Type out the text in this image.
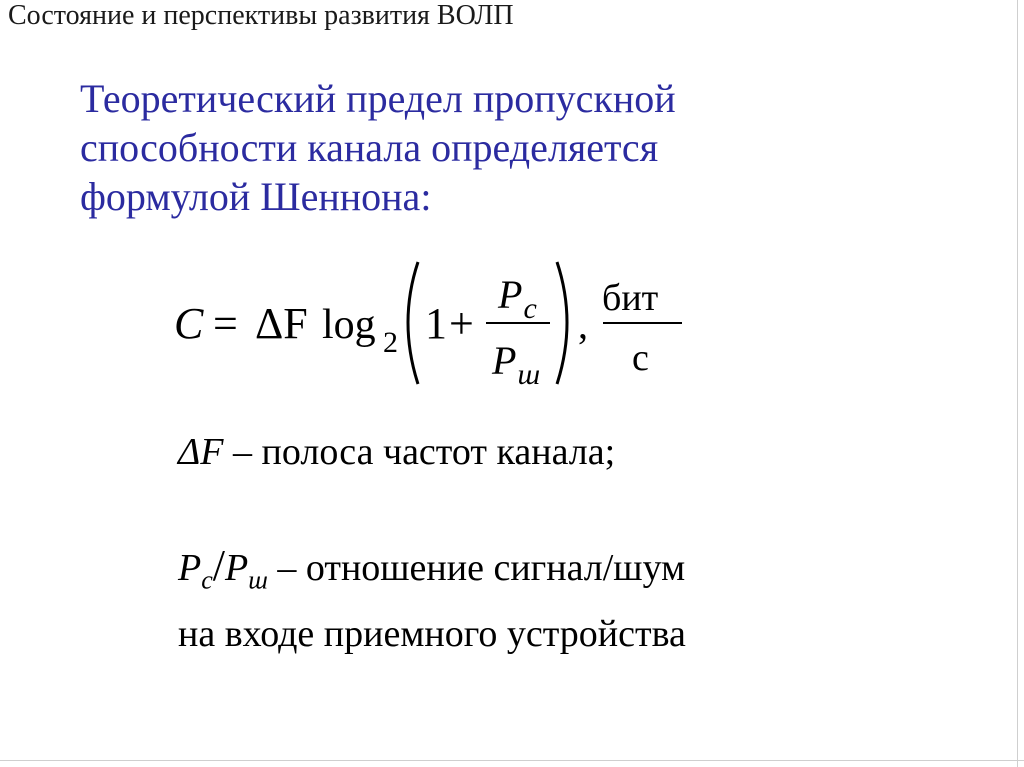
Состояние и перспективы развития ВОЛП
Теоретический предел пропускной
способности канала определяется
формулой Шеннона:
C = ΔF log 2 1 +
$P_c$
$P_ш$
,
бит
с
ΔF – полоса частот канала;
$P_c/P_ш$ – отношение сигнал/шум
на входе приемного устройства
